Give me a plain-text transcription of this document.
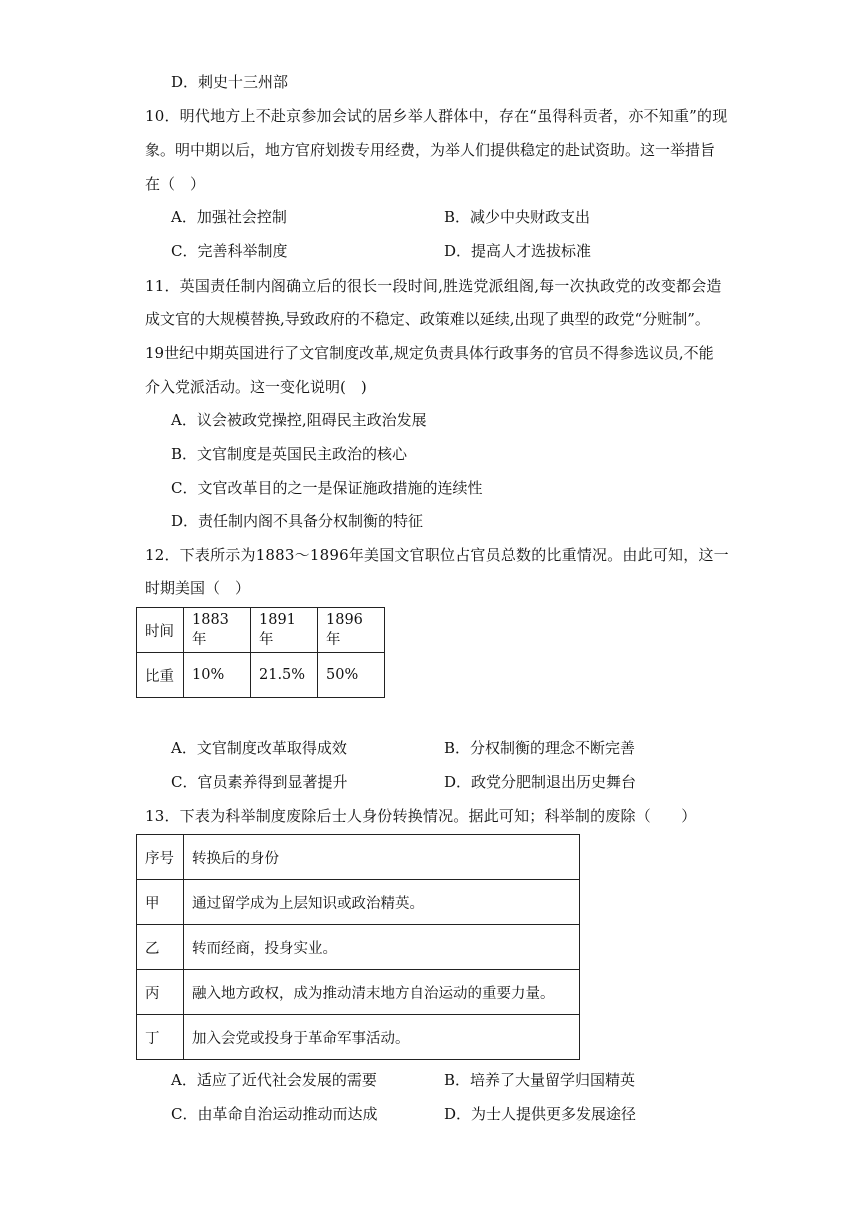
D．刺史十三州部
10．明代地方上不赴京参加会试的居乡举人群体中，存在“虽得科贡者，亦不知重”的现
象。明中期以后，地方官府划拨专用经费，为举人们提供稳定的赴试资助。这一举措旨
在（　）
A．加强社会控制	B．减少中央财政支出
C．完善科举制度	D．提高人才选拔标准
11．英国责任制内阁确立后的很长一段时间,胜选党派组阁,每一次执政党的改变都会造
成文官的大规模替换,导致政府的不稳定、政策难以延续,出现了典型的政党“分赃制”。
19世纪中期英国进行了文官制度改革,规定负责具体行政事务的官员不得参选议员,不能
介入党派活动。这一变化说明(　)
A．议会被政党操控,阻碍民主政治发展
B．文官制度是英国民主政治的核心
C．文官改革目的之一是保证施政措施的连续性
D．责任制内阁不具备分权制衡的特征
12．下表所示为1883～1896年美国文官职位占官员总数的比重情况。由此可知，这一
时期美国（　）
时间	1883 年	1891 年	1896 年
比重	10%	21.5%	50%
A．文官制度改革取得成效	B．分权制衡的理念不断完善
C．官员素养得到显著提升	D．政党分肥制退出历史舞台
13．下表为科举制度废除后士人身份转换情况。据此可知；科举制的废除（　　）
序号	转换后的身份
甲	通过留学成为上层知识或政治精英。
乙	转而经商，投身实业。
丙	融入地方政权，成为推动清末地方自治运动的重要力量。
丁	加入会党或投身于革命军事活动。
A．适应了近代社会发展的需要	B．培养了大量留学归国精英
C．由革命自治运动推动而达成	D．为士人提供更多发展途径
